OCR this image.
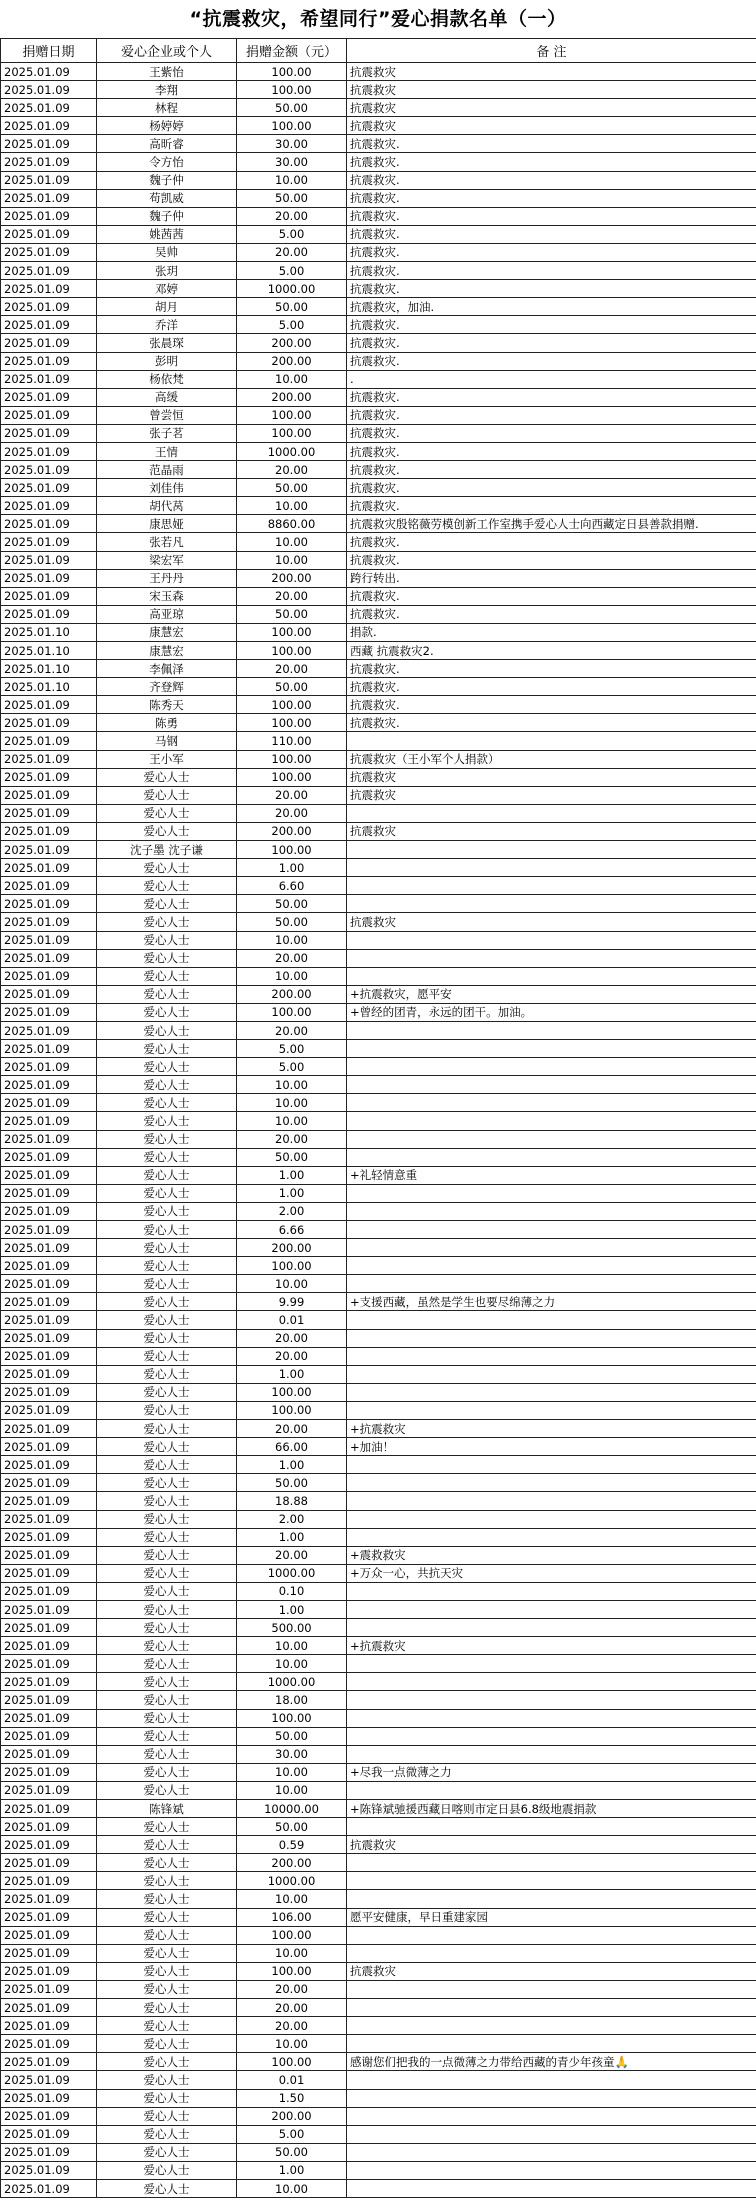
“抗震救灾，希望同行”爱心捐款名单（一）
捐赠日期	爱心企业或个人	捐赠金额（元）	备 注
2025.01.09	王紫怡	100.00	抗震救灾
2025.01.09	李翔	100.00	抗震救灾
2025.01.09	林程	50.00	抗震救灾
2025.01.09	杨婷婷	100.00	抗震救灾
2025.01.09	高昕睿	30.00	抗震救灾.
2025.01.09	令方怡	30.00	抗震救灾.
2025.01.09	魏子仲	10.00	抗震救灾.
2025.01.09	苟凯威	50.00	抗震救灾.
2025.01.09	魏子仲	20.00	抗震救灾.
2025.01.09	姚茜茜	5.00	抗震救灾.
2025.01.09	吴帅	20.00	抗震救灾.
2025.01.09	张玥	5.00	抗震救灾.
2025.01.09	邓婷	1000.00	抗震救灾.
2025.01.09	胡月	50.00	抗震救灾，加油.
2025.01.09	乔洋	5.00	抗震救灾.
2025.01.09	张晨琛	200.00	抗震救灾.
2025.01.09	彭明	200.00	抗震救灾.
2025.01.09	杨依梵	10.00	.
2025.01.09	高缓	200.00	抗震救灾.
2025.01.09	曾尝恒	100.00	抗震救灾.
2025.01.09	张子茗	100.00	抗震救灾.
2025.01.09	王情	1000.00	抗震救灾.
2025.01.09	范晶雨	20.00	抗震救灾.
2025.01.09	刘佳伟	50.00	抗震救灾.
2025.01.09	胡代莴	10.00	抗震救灾.
2025.01.09	康思娅	8860.00	抗震救灾殷铭薇劳模创新工作室携手爱心人士向西藏定日县善款捐赠.
2025.01.09	张若凡	10.00	抗震救灾.
2025.01.09	梁宏军	10.00	抗震救灾.
2025.01.09	王丹丹	200.00	跨行转出.
2025.01.09	宋玉森	20.00	抗震救灾.
2025.01.09	高亚琼	50.00	抗震救灾.
2025.01.10	康慧宏	100.00	捐款.
2025.01.10	康慧宏	100.00	西藏 抗震救灾2.
2025.01.10	李佩泽	20.00	抗震救灾.
2025.01.10	齐登辉	50.00	抗震救灾.
2025.01.09	陈秀天	100.00	抗震救灾.
2025.01.09	陈勇	100.00	抗震救灾.
2025.01.09	马钢	110.00	
2025.01.09	王小军	100.00	抗震救灾（王小军个人捐款）
2025.01.09	爱心人士	100.00	抗震救灾
2025.01.09	爱心人士	20.00	抗震救灾
2025.01.09	爱心人士	20.00	
2025.01.09	爱心人士	200.00	抗震救灾
2025.01.09	沈子墨 沈子谦	100.00	
2025.01.09	爱心人士	1.00	
2025.01.09	爱心人士	6.60	
2025.01.09	爱心人士	50.00	
2025.01.09	爱心人士	50.00	抗震救灾
2025.01.09	爱心人士	10.00	
2025.01.09	爱心人士	20.00	
2025.01.09	爱心人士	10.00	
2025.01.09	爱心人士	200.00	+抗震救灾，愿平安
2025.01.09	爱心人士	100.00	+曾经的团青，永远的团干。加油。
2025.01.09	爱心人士	20.00	
2025.01.09	爱心人士	5.00	
2025.01.09	爱心人士	5.00	
2025.01.09	爱心人士	10.00	
2025.01.09	爱心人士	10.00	
2025.01.09	爱心人士	10.00	
2025.01.09	爱心人士	20.00	
2025.01.09	爱心人士	50.00	
2025.01.09	爱心人士	1.00	+礼轻情意重
2025.01.09	爱心人士	1.00	
2025.01.09	爱心人士	2.00	
2025.01.09	爱心人士	6.66	
2025.01.09	爱心人士	200.00	
2025.01.09	爱心人士	100.00	
2025.01.09	爱心人士	10.00	
2025.01.09	爱心人士	9.99	+支援西藏，虽然是学生也要尽绵薄之力
2025.01.09	爱心人士	0.01	
2025.01.09	爱心人士	20.00	
2025.01.09	爱心人士	20.00	
2025.01.09	爱心人士	1.00	
2025.01.09	爱心人士	100.00	
2025.01.09	爱心人士	100.00	
2025.01.09	爱心人士	20.00	+抗震救灾
2025.01.09	爱心人士	66.00	+加油！
2025.01.09	爱心人士	1.00	
2025.01.09	爱心人士	50.00	
2025.01.09	爱心人士	18.88	
2025.01.09	爱心人士	2.00	
2025.01.09	爱心人士	1.00	
2025.01.09	爱心人士	20.00	+震救救灾
2025.01.09	爱心人士	1000.00	+万众一心，共抗天灾
2025.01.09	爱心人士	0.10	
2025.01.09	爱心人士	1.00	
2025.01.09	爱心人士	500.00	
2025.01.09	爱心人士	10.00	+抗震救灾
2025.01.09	爱心人士	10.00	
2025.01.09	爱心人士	1000.00	
2025.01.09	爱心人士	18.00	
2025.01.09	爱心人士	100.00	
2025.01.09	爱心人士	50.00	
2025.01.09	爱心人士	30.00	
2025.01.09	爱心人士	10.00	+尽我一点微薄之力
2025.01.09	爱心人士	10.00	
2025.01.09	陈锋斌	10000.00	+陈锋斌驰援西藏日喀则市定日县6.8级地震捐款
2025.01.09	爱心人士	50.00	
2025.01.09	爱心人士	0.59	抗震救灾
2025.01.09	爱心人士	200.00	
2025.01.09	爱心人士	1000.00	
2025.01.09	爱心人士	10.00	
2025.01.09	爱心人士	106.00	愿平安健康，早日重建家园
2025.01.09	爱心人士	100.00	
2025.01.09	爱心人士	10.00	
2025.01.09	爱心人士	100.00	抗震救灾
2025.01.09	爱心人士	20.00	
2025.01.09	爱心人士	20.00	
2025.01.09	爱心人士	20.00	
2025.01.09	爱心人士	10.00	
2025.01.09	爱心人士	100.00	感谢您们把我的一点微薄之力带给西藏的青少年孩童🙏
2025.01.09	爱心人士	0.01	
2025.01.09	爱心人士	1.50	
2025.01.09	爱心人士	200.00	
2025.01.09	爱心人士	5.00	
2025.01.09	爱心人士	50.00	
2025.01.09	爱心人士	1.00	
2025.01.09	爱心人士	10.00	
